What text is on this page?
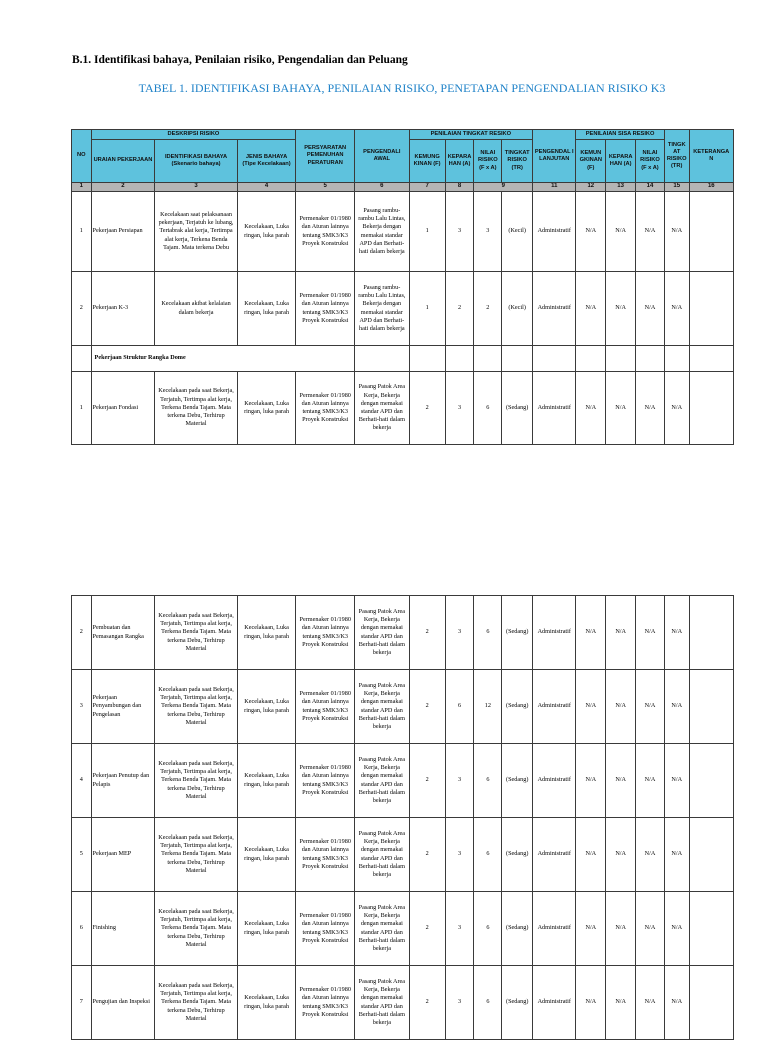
B.1. Identifikasi bahaya, Penilaian risiko, Pengendalian dan Peluang
TABEL 1. IDENTIFIKASI BAHAYA, PENILAIAN RISIKO, PENETAPAN PENGENDALIAN RISIKO K3
NO	DESKRIPSI RISIKO			PERSYARATAN PEMENUHAN PERATURAN	PENGENDALI AWAL	PENILAIAN TINGKAT RESIKO				PENGENDAL I LANJUTAN	PENILAIAN SISA RESIKO			TINGK AT RISIKO (TR)	KETERANGA N
	URAIAN PEKERJAAN	IDENTIFIKASI BAHAYA (Skenario bahaya)	JENIS BAHAYA (Tipe Kecelakaan)			KEMUNG KINAN (F)	KEPARA HAN (A)	NILAI RISIKO (F x A)	TINGKAT RISIKO (TR)		KEMUN GKINAN (F)	KEPARA HAN (A)	NILAI RISIKO (F x A)		
1	2	3	4	5	6	7	8	9		11	12	13	14	15	16
1	Pekerjaan Persiapan	Kecelakaan saat pelaksanaan pekerjaan, Terjatuh ke lubang, Tertabrak alat kerja, Tertimpa alat kerja, Terkena Benda Tajam. Mata terkena Debu	Kecelakaan, Luka ringan, luka parah	Permenaker 01/1980 dan Aturan lainnya tentang SMK3/K3 Proyek Konstruksi	Pasang rambu-rambu Lalu Lintas, Bekerja dengan memakai standar APD dan Berhati-hati dalam bekerja	1	3	3	(Kecil)	Administratif	N/A	N/A	N/A	N/A	
2	Pekerjaan K-3	Kecelakaan akibat kelalaian dalam bekerja	Kecelakaan, Luka ringan, luka parah	Permenaker 01/1980 dan Aturan lainnya tentang SMK3/K3 Proyek Konstruksi	Pasang rambu-rambu Lalu Lintas, Bekerja dengan memakai standar APD dan Berhati-hati dalam bekerja	1	2	2	(Kecil)	Administratif	N/A	N/A	N/A	N/A	
	Pekerjaan Struktur Rangka Dome														
1	Pekerjaan Fondasi	Kecelakaan pada saat Bekerja, Terjatuh, Tertimpa alat kerja, Terkena Benda Tajam. Mata terkena Debu, Terhirup Material	Kecelakaan, Luka ringan, luka parah	Permenaker 01/1980 dan Aturan lainnya tentang SMK3/K3 Proyek Konstruksi	Pasang Patok Area Kerja, Bekerja dengan memakai standar APD dan Berhati-hati dalam bekerja	2	3	6	(Sedang)	Administratif	N/A	N/A	N/A	N/A	
2	Pembuatan dan Pemasangan Rangka	Kecelakaan pada saat Bekerja, Terjatuh, Tertimpa alat kerja, Terkena Benda Tajam. Mata terkena Debu, Terhirup Material	Kecelakaan, Luka ringan, luka parah	Permenaker 01/1980 dan Aturan lainnya tentang SMK3/K3 Proyek Konstruksi	Pasang Patok Area Kerja, Bekerja dengan memakai standar APD dan Berhati-hati dalam bekerja	2	3	6	(Sedang)	Administratif	N/A	N/A	N/A	N/A	
3	Pekerjaan Penyambungan dan Pengelasan	Kecelakaan pada saat Bekerja, Terjatuh, Tertimpa alat kerja, Terkena Benda Tajam. Mata terkena Debu, Terhirup Material	Kecelakaan, Luka ringan, luka parah	Permenaker 01/1980 dan Aturan lainnya tentang SMK3/K3 Proyek Konstruksi	Pasang Patok Area Kerja, Bekerja dengan memakai standar APD dan Berhati-hati dalam bekerja	2	6	12	(Sedang)	Administratif	N/A	N/A	N/A	N/A	
4	Pekerjaan Penutup dan Pelapis	Kecelakaan pada saat Bekerja, Terjatuh, Tertimpa alat kerja, Terkena Benda Tajam. Mata terkena Debu, Terhirup Material	Kecelakaan, Luka ringan, luka parah	Permenaker 01/1980 dan Aturan lainnya tentang SMK3/K3 Proyek Konstruksi	Pasang Patok Area Kerja, Bekerja dengan memakai standar APD dan Berhati-hati dalam bekerja	2	3	6	(Sedang)	Administratif	N/A	N/A	N/A	N/A	
5	Pekerjaan MEP	Kecelakaan pada saat Bekerja, Terjatuh, Tertimpa alat kerja, Terkena Benda Tajam. Mata terkena Debu, Terhirup Material	Kecelakaan, Luka ringan, luka parah	Permenaker 01/1980 dan Aturan lainnya tentang SMK3/K3 Proyek Konstruksi	Pasang Patok Area Kerja, Bekerja dengan memakai standar APD dan Berhati-hati dalam bekerja	2	3	6	(Sedang)	Administratif	N/A	N/A	N/A	N/A	
6	Finishing	Kecelakaan pada saat Bekerja, Terjatuh, Tertimpa alat kerja, Terkena Benda Tajam. Mata terkena Debu, Terhirup Material	Kecelakaan, Luka ringan, luka parah	Permenaker 01/1980 dan Aturan lainnya tentang SMK3/K3 Proyek Konstruksi	Pasang Patok Area Kerja, Bekerja dengan memakai standar APD dan Berhati-hati dalam bekerja	2	3	6	(Sedang)	Administratif	N/A	N/A	N/A	N/A	
7	Pengujian dan Inspeksi	Kecelakaan pada saat Bekerja, Terjatuh, Tertimpa alat kerja, Terkena Benda Tajam. Mata terkena Debu, Terhirup Material	Kecelakaan, Luka ringan, luka parah	Permenaker 01/1980 dan Aturan lainnya tentang SMK3/K3 Proyek Konstruksi	Pasang Patok Area Kerja, Bekerja dengan memakai standar APD dan Berhati-hati dalam bekerja	2	3	6	(Sedang)	Administratif	N/A	N/A	N/A	N/A	
